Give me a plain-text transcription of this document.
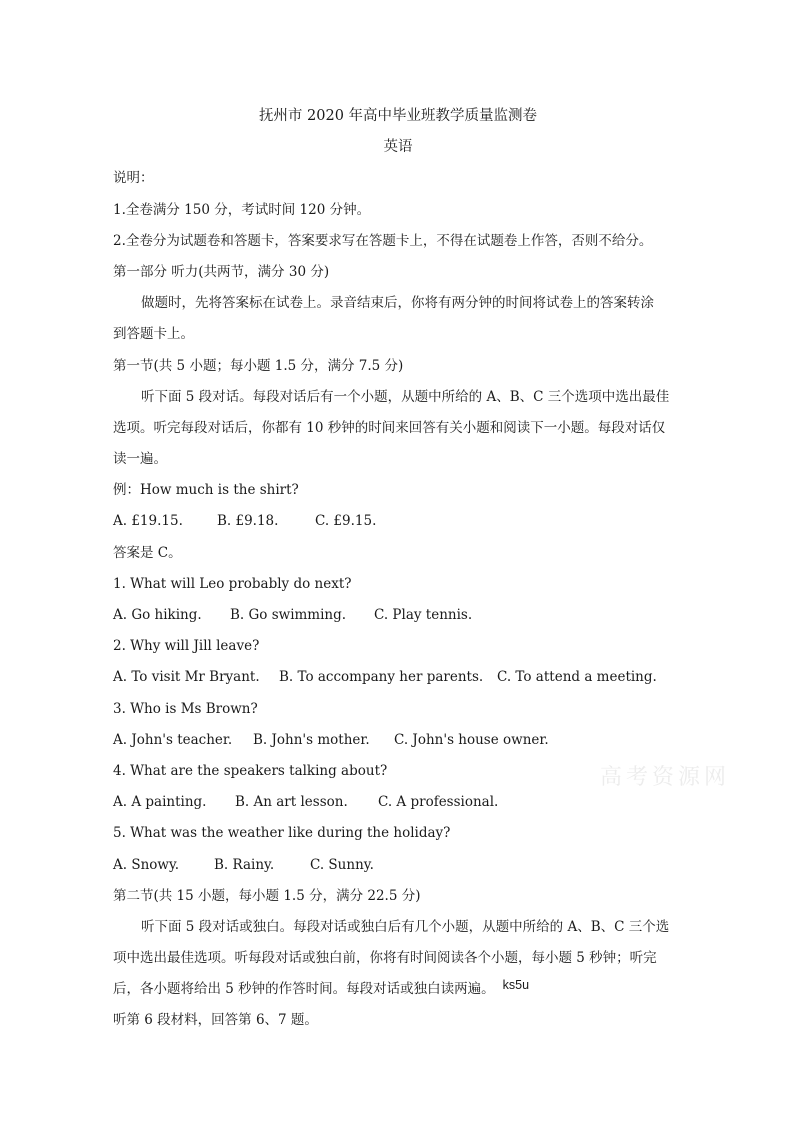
抚州市 2020 年高中毕业班教学质量监测卷
英语
说明：
1.全卷满分 150 分，考试时间 120 分钟。
2.全卷分为试题卷和答题卡，答案要求写在答题卡上，不得在试题卷上作答，否则不给分。
第一部分 听力(共两节，满分 30 分)
做题时，先将答案标在试卷上。录音结束后，你将有两分钟的时间将试卷上的答案转涂
到答题卡上。
第一节(共 5 小题；每小题 1.5 分，满分 7.5 分)
听下面 5 段对话。每段对话后有一个小题，从题中所给的 A、B、C 三个选项中选出最佳
选项。听完每段对话后，你都有 10 秒钟的时间来回答有关小题和阅读下一小题。每段对话仅
读一遍。
例：How much is the shirt?
A. £19.15.	B. £9.18.	C. £9.15.
答案是 C。
1. What will Leo probably do next?
A. Go hiking. B. Go swimming. C. Play tennis.
2. Why will Jill leave?
A. To visit Mr Bryant. B. To accompany her parents. C. To attend a meeting.
3. Who is Ms Brown?
A. John's teacher. B. John's mother. C. John's house owner.
4. What are the speakers talking about?
A. A painting. B. An art lesson. C. A professional.
5. What was the weather like during the holiday?
A. Snowy.	B. Rainy.	C. Sunny.
第二节(共 15 小题，每小题 1.5 分，满分 22.5 分)
听下面 5 段对话或独白。每段对话或独白后有几个小题，从题中所给的 A、B、C 三个选
项中选出最佳选项。听每段对话或独白前，你将有时间阅读各个小题，每小题 5 秒钟；听完
后，各小题将给出 5 秒钟的作答时间。每段对话或独白读两遍。 ks5u
听第 6 段材料，回答第 6、7 题。
高考资源网
